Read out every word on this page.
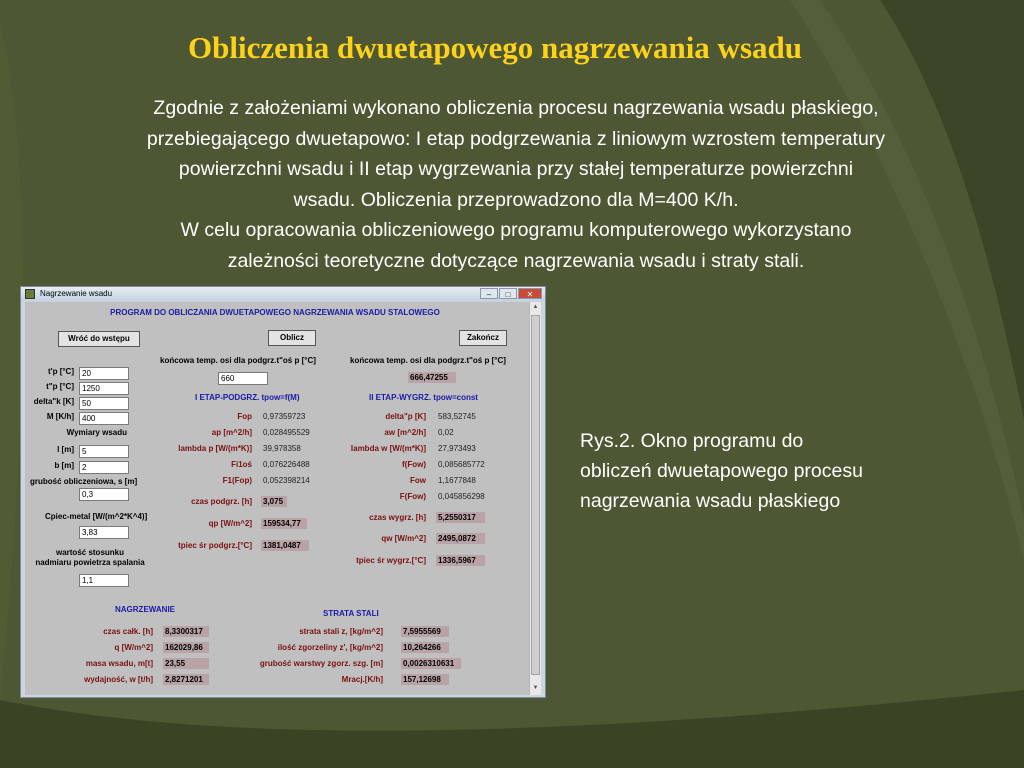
Obliczenia dwuetapowego nagrzewania wsadu

Zgodnie z założeniami wykonano obliczenia procesu nagrzewania wsadu płaskiego,

przebiegającego dwuetapowo: I etap podgrzewania z liniowym wzrostem temperatury

powierzchni wsadu i II etap wygrzewania przy stałej temperaturze powierzchni

wsadu. Obliczenia przeprowadzono dla M=400 K/h.

W celu opracowania obliczeniowego programu komputerowego wykorzystano

zależności teoretyczne dotyczące nagrzewania wsadu i straty stali.

Rys.2. Okno programu do
obliczeń dwuetapowego procesu
nagrzewania wsadu płaskiego
Nagrzewanie wsadu	–	□	✕
PROGRAM DO OBLICZANIA DWUETAPOWEGO NAGRZEWANIA WSADU STALOWEGO
Wróć do wstępu	Oblicz	Zakończ
końcowa temp. osi dla podgrz.t"oś p [°C]	końcowa temp. osi dla podgrz.t"oś p [°C]
660	666,47255
t'p [°C]	20
t"p [°C]	1250
delta"k [K]	50
M [K/h]	400
Wymiary wsadu
l [m]	5
b [m]	2
grubość obliczeniowa, s [m]
0,3
Cpiec-metal [W/(m^2*K^4)]
3,83
wartość stosunku
nadmiaru powietrza spalania
1,1
I ETAP-PODGRZ. tpow=f(M)	II ETAP-WYGRZ. tpow=const
Fop 0,97359723
ap [m^2/h] 0,028495529
lambda p [W/(m*K)] 39,978358
Fi1oś 0,076226488
F1(Fop) 0,052398214
delta"p [K] 583,52745
aw [m^2/h] 0,02
lambda w [W/(m*K)] 27,973493
f(Fow) 0,085685772
Fow 1,1677848
F(Fow) 0,045856298
czas podgrz. [h] 3,075
qp [W/m^2] 159534,77
tpiec śr podgrz.[°C] 1381,0487
czas wygrz. [h] 5,2550317
qw [W/m^2] 2495,0872
tpiec śr wygrz.[°C] 1336,5967
NAGRZEWANIE	STRATA STALI
czas całk. [h] 8,3300317
q [W/m^2] 162029,86
masa wsadu, m[t] 23,55
wydajność, w [t/h] 2,8271201
strata stali z, [kg/m^2]	7,5955569
ilość zgorzeliny z', [kg/m^2]	10,264266
grubość warstwy zgorz. szg. [m]	0,0026310631
Mracj.[K/h]	157,12698
▲
▼
